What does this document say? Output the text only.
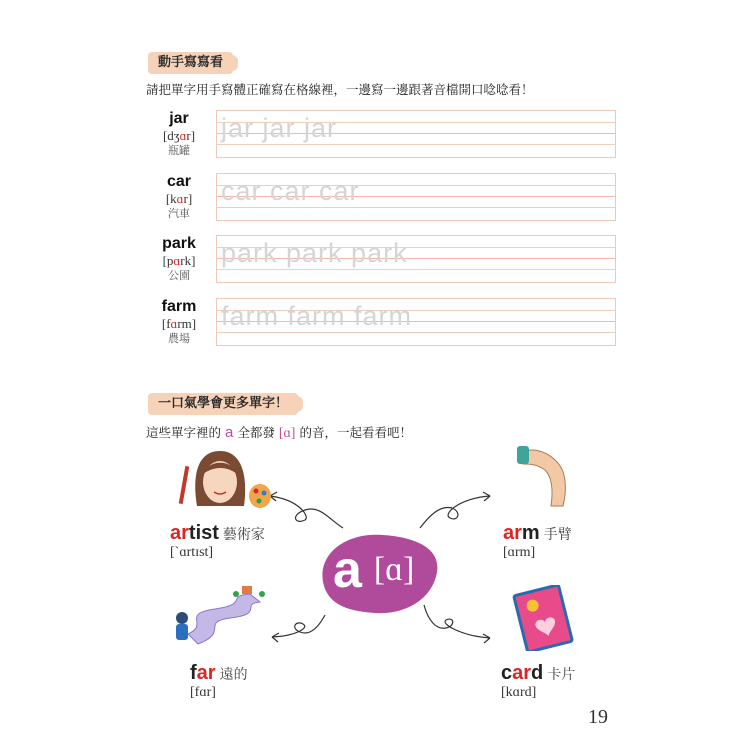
動手寫寫看
請把單字用手寫體正確寫在格線裡，一邊寫一邊跟著音檔開口唸唸看！
jar
[dʒɑr]
瓶罐
jar jar jar
car
[kɑr]
汽車
car car car
park
[pɑrk]
公園
park park park
farm
[fɑrm]
農場
farm farm farm
一口氣學會更多單字！
這些單字裡的 a 全都發 [ɑ] 的音，一起看看吧！
a [ɑ]
artist 藝術家
[ˋɑrtɪst]
arm 手臂
[ɑrm]
far 遠的
[fɑr]
card 卡片
[kɑrd]
19
